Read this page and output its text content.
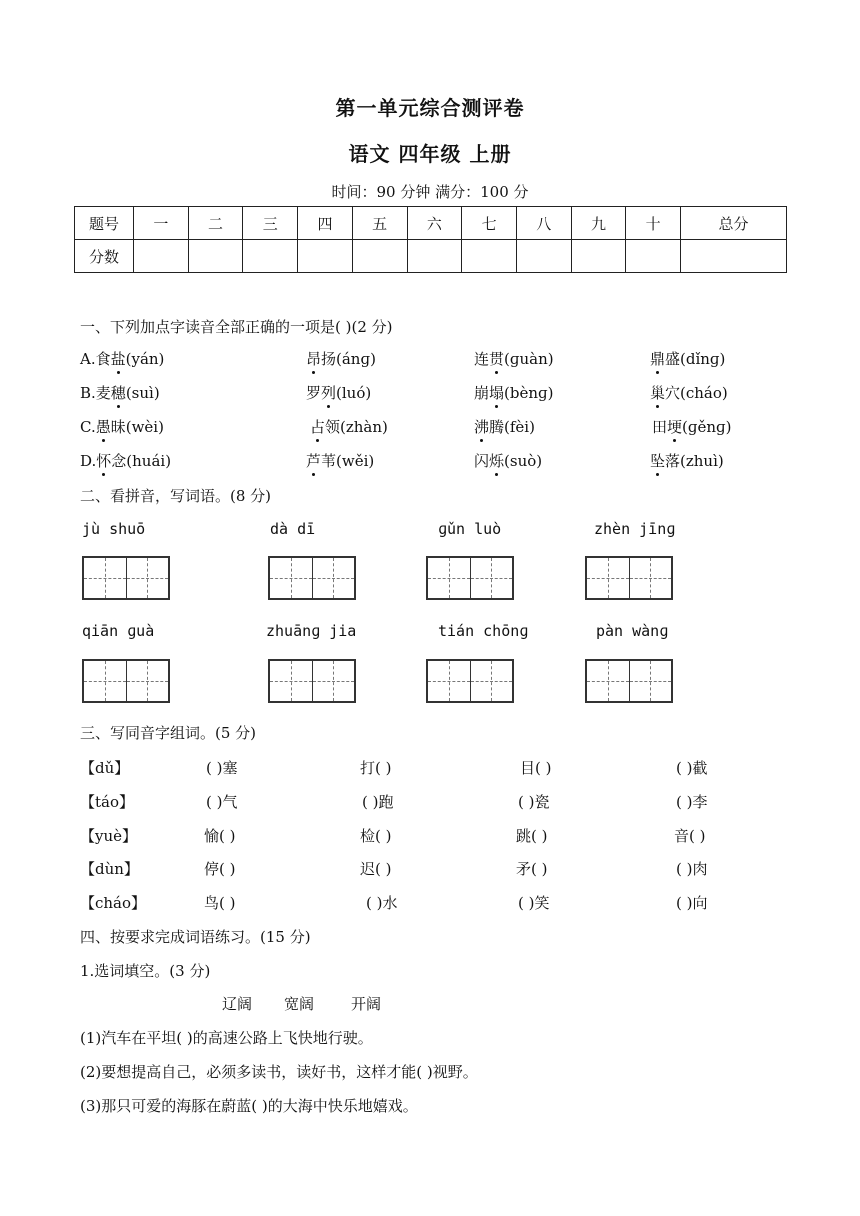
第一单元综合测评卷
语文 四年级 上册
时间：90 分钟 满分：100 分
题号	一	二	三	四	五	六	七	八	九	十	总分
分数											
一、下列加点字读音全部正确的一项是( )(2 分)
A.食盐(yán)	昂扬(ánɡ)	连贯(ɡuàn)	鼎盛(dǐnɡ)
B.麦穗(suì)	罗列(luó)	崩塌(bènɡ)	巢穴(cháo)
C.愚昧(wèi)	占领(zhàn)	沸腾(fèi)	田埂(ɡěnɡ)
D.怀念(huái)	芦苇(wěi)	闪烁(suò)	坠落(zhuì)
二、看拼音，写词语。(8 分)
jù shuō	dà dī	ɡǔn luò	zhèn jīnɡ
qiān ɡuà	zhuānɡ jia	tián chōnɡ	pàn wànɡ
三、写同音字组词。(5 分)
【dǔ】	( )塞	打( )	目( )	( )截
【táo】	( )气	( )跑	( )瓷	( )李
【yuè】	愉( )	检( )	跳( )	音( )
【dùn】	停( )	迟( )	矛( )	( )肉
【cháo】	鸟( )	( )水	( )笑	( )向
四、按要求完成词语练习。(15 分)
1.选词填空。(3 分)
辽阔 宽阔 开阔
(1)汽车在平坦( )的高速公路上飞快地行驶。
(2)要想提高自己，必须多读书，读好书，这样才能( )视野。
(3)那只可爱的海豚在蔚蓝( )的大海中快乐地嬉戏。
